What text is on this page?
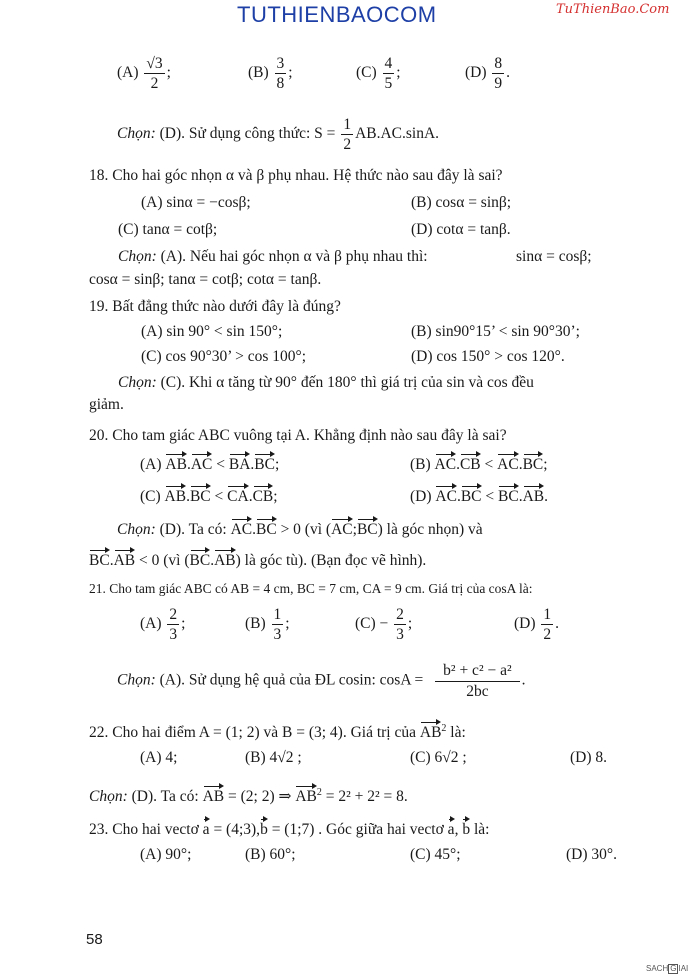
TUTHIENBAOCOM	TuThienBao.Com
$(A) \frac{√3}{2}$ ;	$(B) \frac{3}{8}$ ;	$(C) \frac{4}{5}$ ;	$(D) \frac{8}{9}$ .
Chọn: (D). Sử dụng công thức: $S = \frac{1}{2} AB.AC.\sin A$.
18. Cho hai góc nhọn α và β phụ nhau. Hệ thức nào sau đây là sai?
(A) sinα = −cosβ;	(B) cosα = sinβ;
(C) tanα = cotβ;	(D) cotα = tanβ.
Chọn: (A). Nếu hai góc nhọn α và β phụ nhau thì:	sinα = cosβ;
cosα = sinβ; tanα = cotβ; cotα = tanβ.
19. Bất đẳng thức nào dưới đây là đúng?
(A) sin 90° < sin 150°;	(B) sin90°15’ < sin 90°30’;
(C) cos 90°30’ > cos 100°;	(D) cos 150° > cos 120°.
Chọn: (C). Khi α tăng từ 90° đến 180° thì giá trị của sin và cos đều
giảm.
20. Cho tam giác ABC vuông tại A. Khẳng định nào sau đây là sai?
(A) AB.AC < BA.BC;	(B) AC.CB < AC.BC;
(C) AB.BC < CA.CB;	(D) AC.BC < BC.AB.
Chọn: (D). Ta có: AC.BC > 0 (vì (AC;BC) là góc nhọn) và
BC.AB < 0 (vì (BC.AB) là góc tù). (Bạn đọc vẽ hình).
21. Cho tam giác ABC có AB = 4 cm, BC = 7 cm, CA = 9 cm. Giá trị của cosA là:
$(A) \frac{2}{3}$ ;	$(B) \frac{1}{3}$ ;	$(C) - \frac{2}{3}$ ;	$(D) \frac{1}{2}$ .
Chọn: (A). Sử dụng hệ quả của ĐL cosin: $\cos A = \frac{\text{b² + c² − a²}}{2bc}$ .
22. Cho hai điểm A = (1; 2) và B = (3; 4). Giá trị của $AB^2$ là:
(A) 4;	(B) 4√2 ;	(C) 6√2 ;	(D) 8.
Chọn: (D). Ta có: AB = (2; 2) ⇒ $AB^2 = 2^2 + 2^2 = 8$.
23. Cho hai vectơ a = (4;3),b = (1;7) . Góc giữa hai vectơ a, b là:
(A) 90°;	(B) 60°;	(C) 45°;	(D) 30°.
58
SACH G IAI
